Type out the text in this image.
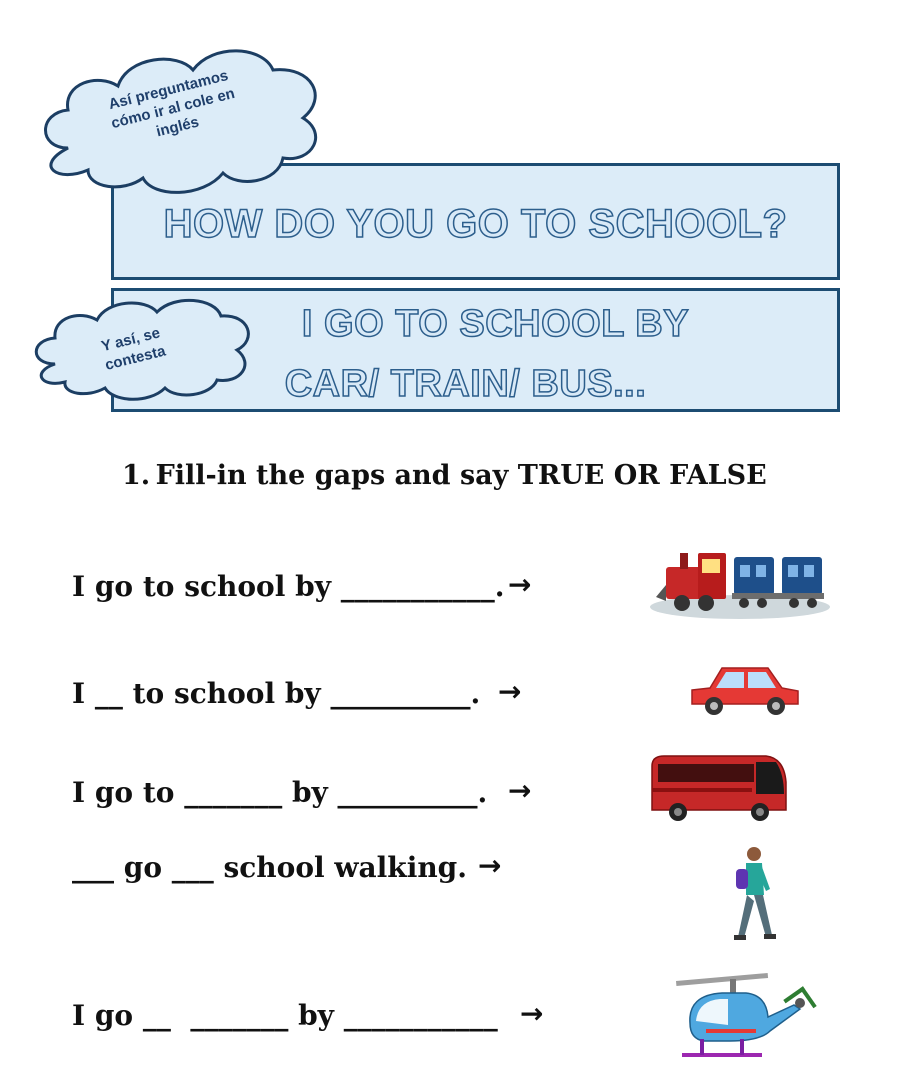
HOW DO YOU GO TO SCHOOL?
I GO TO SCHOOL BY
CAR/ TRAIN/ BUS...
Así preguntamos
cómo ir al cole en
inglés
Y así, se
contesta
1. Fill-in the gaps and say TRUE OR FALSE
I go to school by ___________. →
I __ to school by __________. →
I go to _______ by __________. →
___ go ___ school walking. →
I go __  _______ by ___________ →
